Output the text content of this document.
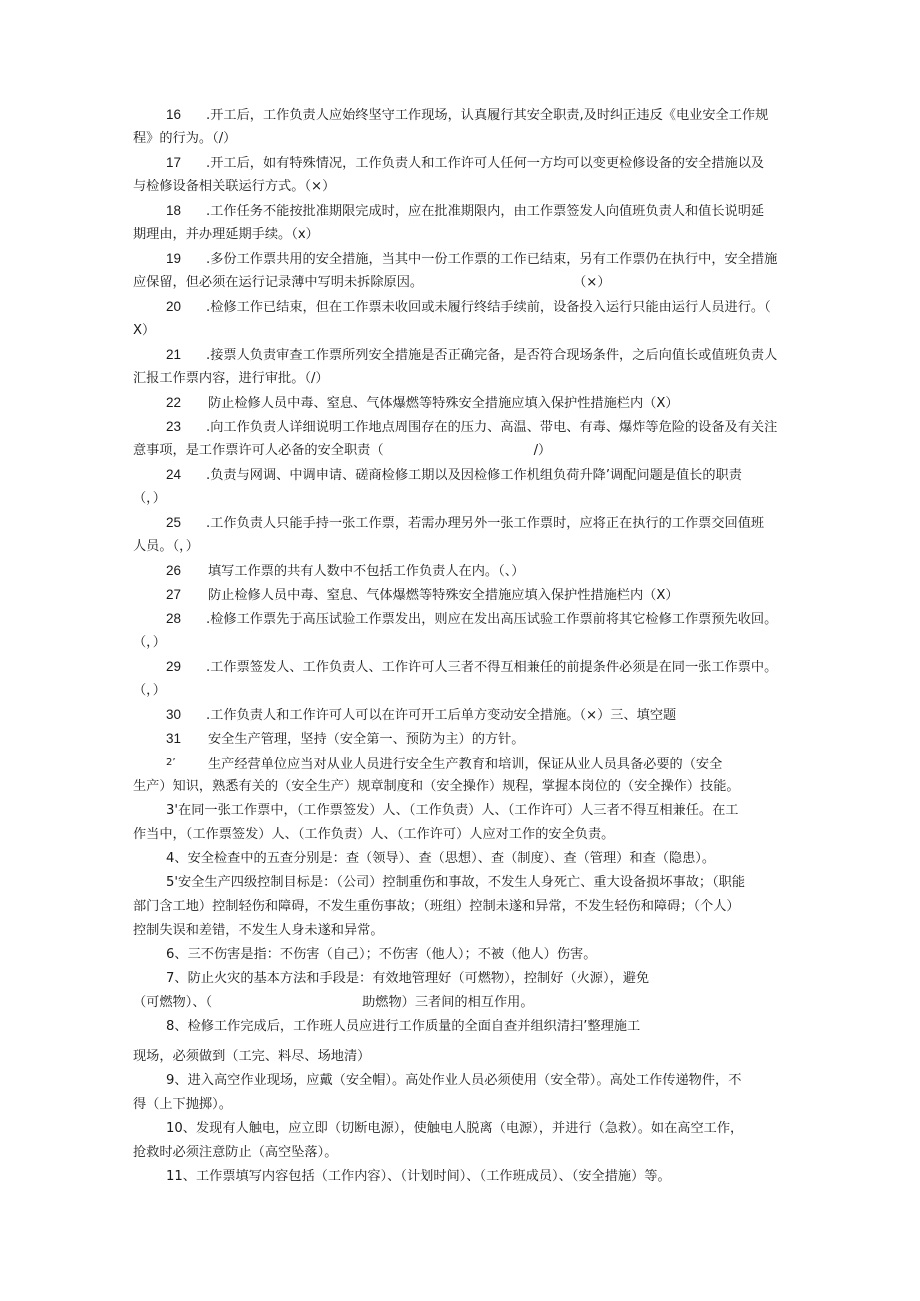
16 .开工后，工作负责人应始终坚守工作现场，认真履行其安全职责,及时纠正违反《电业安全工作规
程》的行为。（/）
17 .开工后，如有特殊情况，工作负责人和工作许可人任何一方均可以变更检修设备的安全措施以及
与检修设备相关联运行方式。（×）
18 .工作任务不能按批准期限完成时，应在批准期限内，由工作票签发人向值班负责人和值长说明延
期理由，并办理延期手续。（x）
19 .多份工作票共用的安全措施，当其中一份工作票的工作已结束，另有工作票仍在执行中，安全措施
应保留，但必须在运行记录薄中写明未拆除原因。	（×）
20 .检修工作已结束，但在工作票未收回或未履行终结手续前，设备投入运行只能由运行人员进行。（
X）
21 .接票人负责审查工作票所列安全措施是否正确完备，是否符合现场条件，之后向值长或值班负责人
汇报工作票内容，进行审批。（/）
22 防止检修人员中毒、窒息、气体爆燃等特殊安全措施应填入保护性措施栏内（X）
23 .向工作负责人详细说明工作地点周围存在的压力、高温、带电、有毒、爆炸等危险的设备及有关注
意事项，是工作票许可人必备的安全职责（	/）
24 .负责与网调、中调申请、磋商检修工期以及因检修工作机组负荷升降’调配问题是值长的职责
（，）
25 .工作负责人只能手持一张工作票，若需办理另外一张工作票时，应将正在执行的工作票交回值班
人员。（，）
26 填写工作票的共有人数中不包括工作负责人在内。（、）
27 防止检修人员中毒、窒息、气体爆燃等特殊安全措施应填入保护性措施栏内（X）
28 .检修工作票先于高压试验工作票发出，则应在发出高压试验工作票前将其它检修工作票预先收回。
（，）
29 .工作票签发人、工作负责人、工作许可人三者不得互相兼任的前提条件必须是在同一张工作票中。
（，）
30 .工作负责人和工作许可人可以在许可开工后单方变动安全措施。（×）三、填空题
31 安全生产管理，坚持（安全第一、预防为主）的方针。
2’ 生产经营单位应当对从业人员进行安全生产教育和培训，保证从业人员具备必要的（安全
生产）知识，熟悉有关的（安全生产）规章制度和（安全操作）规程，掌握本岗位的（安全操作）技能。
3'在同一张工作票中，（工作票签发）人、（工作负责）人、（工作许可）人三者不得互相兼任。在工
作当中，（工作票签发）人、（工作负责）人、（工作许可）人应对工作的安全负责。
4、安全检查中的五查分别是：查（领导）、查（思想）、查（制度）、查（管理）和查（隐患）。
5'安全生产四级控制目标是：（公司）控制重伤和事故，不发生人身死亡、重大设备损坏事故；（职能
部门含工地）控制轻伤和障碍，不发生重伤事故；（班组）控制未遂和异常，不发生轻伤和障碍；（个人）
控制失误和差错，不发生人身未遂和异常。
6、三不伤害是指：不伤害（自己）；不伤害（他人）；不被（他人）伤害。
7、防止火灾的基本方法和手段是：有效地管理好（可燃物），控制好（火源），避免
（可燃物）、（	助燃物）三者间的相互作用。
8、检修工作完成后，工作班人员应进行工作质量的全面自查并组织清扫’整理施工
现场，必须做到（工完、料尽、场地清）
9、进入高空作业现场，应戴（安全帽）。高处作业人员必须使用（安全带）。高处工作传递物件，不
得（上下抛掷）。
10、发现有人触电，应立即（切断电源），使触电人脱离（电源），并进行（急救）。如在高空工作，
抢救时必须注意防止（高空坠落）。
11、工作票填写内容包括（工作内容）、（计划时间）、（工作班成员）、（安全措施）等。
